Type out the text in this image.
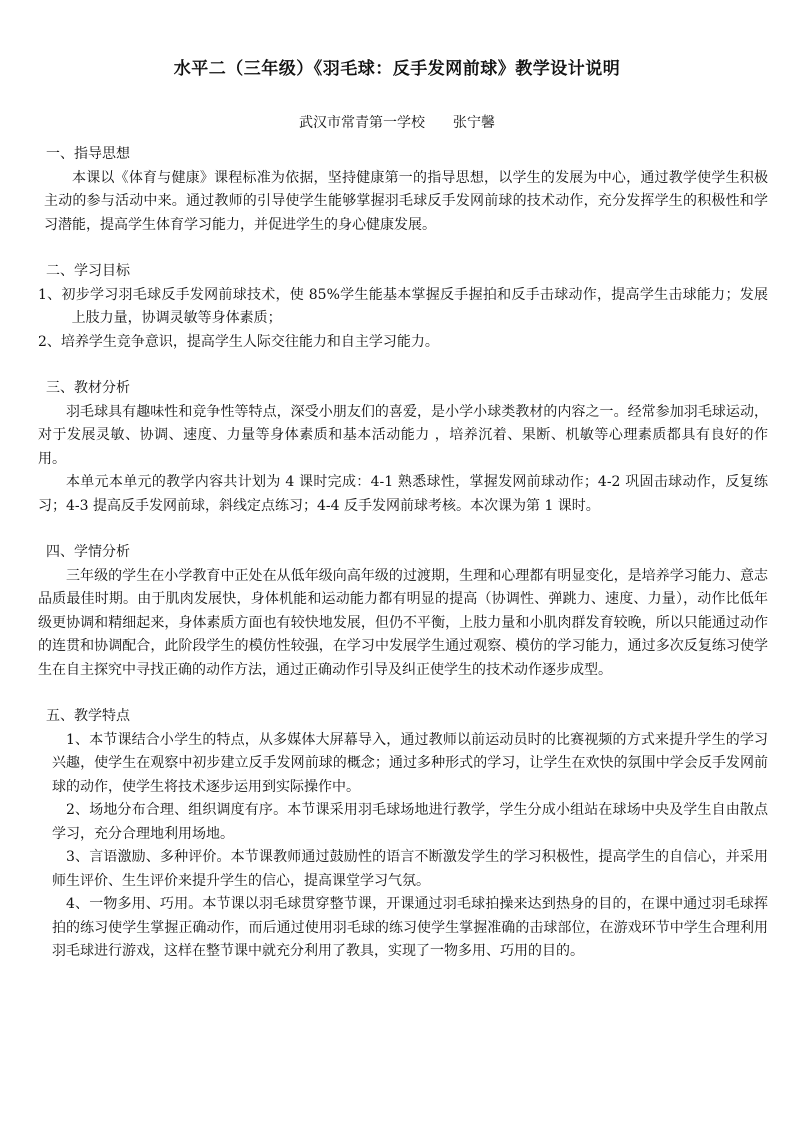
水平二（三年级）《羽毛球：反手发网前球》教学设计说明
武汉市常青第一学校 张宁馨

一、指导思想

本课以《体育与健康》课程标准为依据，坚持健康第一的指导思想，以学生的发展为中心，通过教学使学生积极主动的参与活动中来。通过教师的引导使学生能够掌握羽毛球反手发网前球的技术动作，充分发挥学生的积极性和学习潜能，提高学生体育学习能力，并促进学生的身心健康发展。

二、学习目标

1、初步学习羽毛球反手发网前球技术，使 85%学生能基本掌握反手握拍和反手击球动作，提高学生击球能力；发展上肢力量，协调灵敏等身体素质；

2、培养学生竞争意识，提高学生人际交往能力和自主学习能力。

三、教材分析

羽毛球具有趣味性和竞争性等特点，深受小朋友们的喜爱，是小学小球类教材的内容之一。经常参加羽毛球运动，对于发展灵敏、协调、速度、力量等身体素质和基本活动能力 ，培养沉着、果断、机敏等心理素质都具有良好的作用。

本单元本单元的教学内容共计划为 4 课时完成：4-1 熟悉球性，掌握发网前球动作；4-2 巩固击球动作，反复练习；4-3 提高反手发网前球，斜线定点练习；4-4 反手发网前球考核。本次课为第 1 课时。

四、学情分析

三年级的学生在小学教育中正处在从低年级向高年级的过渡期，生理和心理都有明显变化，是培养学习能力、意志品质最佳时期。由于肌肉发展快，身体机能和运动能力都有明显的提高（协调性、弹跳力、速度、力量），动作比低年级更协调和精细起来，身体素质方面也有较快地发展，但仍不平衡，上肢力量和小肌肉群发育较晚，所以只能通过动作的连贯和协调配合，此阶段学生的模仿性较强，在学习中发展学生通过观察、模仿的学习能力，通过多次反复练习使学生在自主探究中寻找正确的动作方法，通过正确动作引导及纠正使学生的技术动作逐步成型。

五、教学特点

1、本节课结合小学生的特点，从多媒体大屏幕导入，通过教师以前运动员时的比赛视频的方式来提升学生的学习兴趣，使学生在观察中初步建立反手发网前球的概念；通过多种形式的学习，让学生在欢快的氛围中学会反手发网前球的动作，使学生将技术逐步运用到实际操作中。

2、场地分布合理、组织调度有序。本节课采用羽毛球场地进行教学，学生分成小组站在球场中央及学生自由散点学习，充分合理地利用场地。

3、言语激励、多种评价。本节课教师通过鼓励性的语言不断激发学生的学习积极性，提高学生的自信心，并采用师生评价、生生评价来提升学生的信心，提高课堂学习气氛。

4、一物多用、巧用。本节课以羽毛球贯穿整节课，开课通过羽毛球拍操来达到热身的目的，在课中通过羽毛球挥拍的练习使学生掌握正确动作，而后通过使用羽毛球的练习使学生掌握准确的击球部位，在游戏环节中学生合理利用羽毛球进行游戏，这样在整节课中就充分利用了教具，实现了一物多用、巧用的目的。
